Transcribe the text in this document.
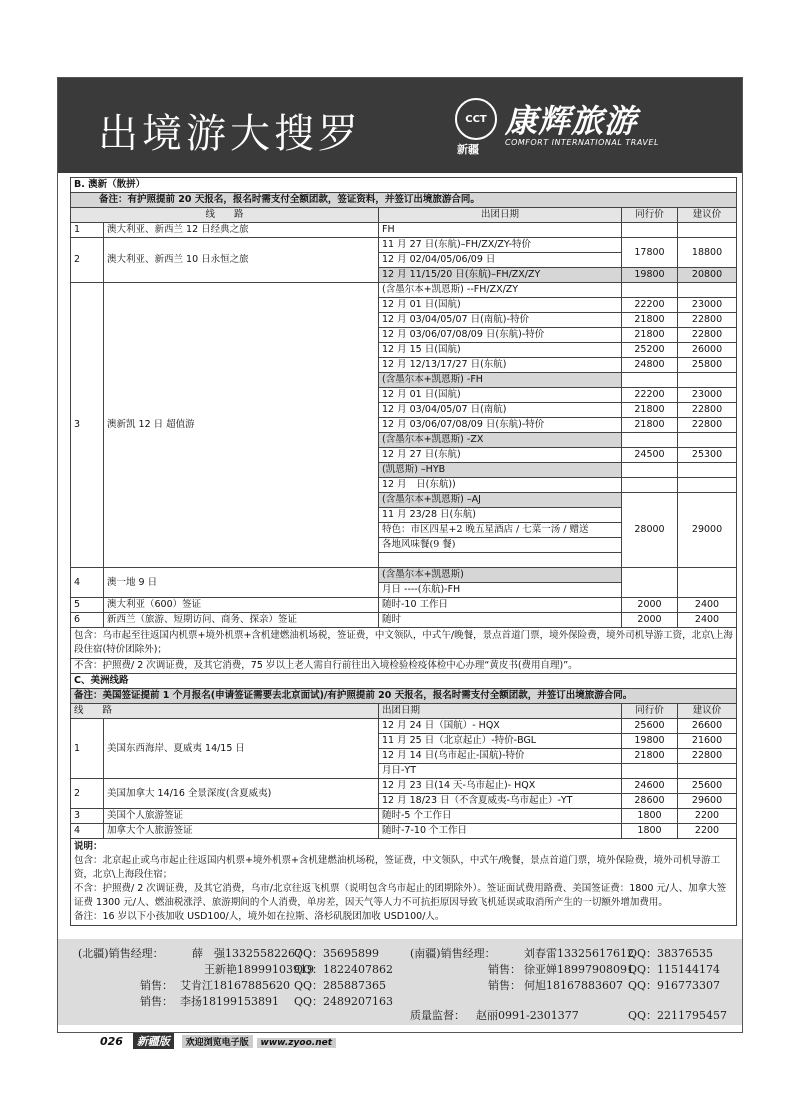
出境游大搜罗	CCT
新疆
康辉旅游
COMFORT INTERNATIONAL TRAVEL
B. 澳新（散拼）				
备注：有护照提前 20 天报名，报名时需支付全额团款，签证资料，并签订出境旅游合同。				
线　　路		出团日期	同行价	建议价
1	澳大利亚、新西兰 12 日经典之旅	FH		
2	澳大利亚、新西兰 10 日永恒之旅	11 月 27 日(东航)–FH/ZX/ZY-特价	17800	18800
		12 月 02/04/05/06/09 日		
		12 月 11/15/20 日(东航)–FH/ZX/ZY	19800	20800
3	澳新凯 12 日 超值游	(含墨尔本+凯恩斯) --FH/ZX/ZY		
		12 月 01 日(国航)	22200	23000
		12 月 03/04/05/07 日(南航)-特价	21800	22800
		12 月 03/06/07/08/09 日(东航)-特价	21800	22800
		12 月 15 日(国航)	25200	26000
		12 月 12/13/17/27 日(东航)	24800	25800
		(含墨尔本+凯恩斯) -FH		
		12 月 01 日(国航)	22200	23000
		12 月 03/04/05/07 日(南航)	21800	22800
		12 月 03/06/07/08/09 日(东航)-特价	21800	22800
		(含墨尔本+凯恩斯) -ZX		
		12 月 27 日(东航)	24500	25300
		(凯恩斯) –HYB		
		12 月　日(东航))		
		(含墨尔本+凯恩斯) –AJ	28000	29000
		11 月 23/28 日(东航)		
		特色：市区四星+2 晚五星酒店 / 七菜一汤 / 赠送		
		各地风味餐(9 餐)		

4	澳一地 9 日	(含墨尔本+凯恩斯)		
		月日 ----(东航)-FH		
5	澳大利亚（600）签证	随时-10 工作日	2000	2400
6	新西兰（旅游、短期访问、商务、探亲）签证	随时	2000	2400
包含：乌市起至往返国内机票+境外机票+含机建燃油机场税，签证费，中文领队，中式午/晚餐，景点首道门票，境外保险费，境外司机导游工资，北京\上海段住宿(特价团除外)；				
不含：护照费/ 2 次调证费，及其它消费，75 岁以上老人需自行前往出入境检验检疫体检中心办理“黄皮书(费用自理)”。				
C、美洲线路				
备注：美国签证提前 1 个月报名(申请签证需要去北京面试)/有护照提前 20 天报名，报名时需支付全额团款，并签订出境旅游合同。				
线　　路		出团日期	同行价	建议价
1	美国东西海岸、夏威夷 14/15 日	12 月 24 日（国航）- HQX	25600	26600
		11 月 25 日（北京起止）-特价-BGL	19800	21600
		12 月 14 日(乌市起止-国航)-特价	21800	22800
		月日-YT		
2	美国加拿大 14/16 全景深度(含夏威夷)	12 月 23 日(14 天-乌市起止)- HQX	24600	25600
		12 月 18/23 日（不含夏威夷-乌市起止）-YT	28600	29600
3	美国个人旅游签证	随时-5 个工作日	1800	2200
4	加拿大个人旅游签证	随时-7-10 个工作日	1800	2200

说明：
包含：北京起止或乌市起止往返国内机票+境外机票+含机建燃油机场税，签证费，中文领队，中式午/晚餐，景点首道门票，境外保险费，境外司机导游工资，北京\上海段住宿；
不含：护照费/ 2 次调证费，及其它消费，乌市/北京往返飞机票（说明包含乌市起止的团期除外）。签证面试费用路费、美国签证费：1800 元/人、加拿大签证费 1300 元/人、燃油税涨浮、旅游期间的个人消费，单房差，因天气等人力不可抗拒原因导致飞机延误或取消所产生的一切额外增加费用。
备注：16 岁以下小孩加收 USD100/人，境外如在拉斯、洛杉矶脱团加收 USD100/人。				
(北疆)销售经理：	薛　强13325582267
QQ：35695899
王新艳18999103919
QQ：1822407862
销售： 艾肯江18167885620 QQ：285887365
销售： 李扬18199153891 QQ：2489207163
(南疆)销售经理：	刘春雷13325617612
QQ：38376535
销售： 徐亚婵18997908091
QQ：115144174
销售： 何旭18167883607 QQ：916773307
质量监督： 赵丽0991-2301377	QQ：2211795457
026 新疆版 欢迎浏览电子版 www.zyoo.net
